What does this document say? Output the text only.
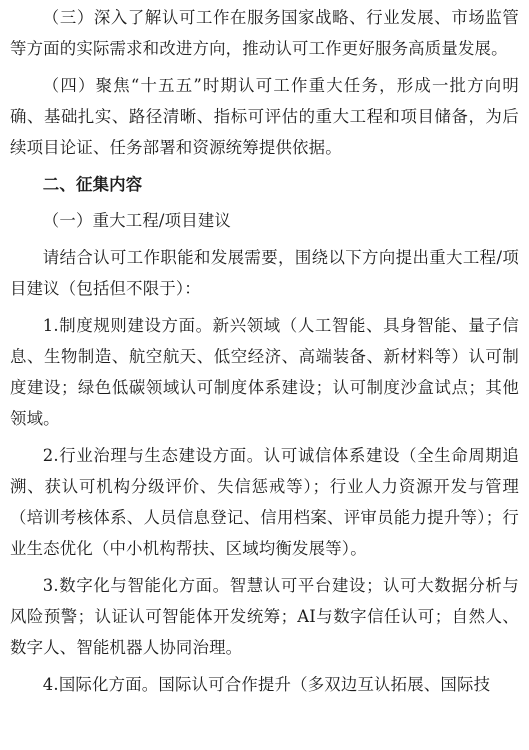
（三）深入了解认可工作在服务国家战略、行业发展、市场监管等方面的实际需求和改进方向，推动认可工作更好服务高质量发展。

（四）聚焦“十五五”时期认可工作重大任务，形成一批方向明确、基础扎实、路径清晰、指标可评估的重大工程和项目储备，为后续项目论证、任务部署和资源统筹提供依据。

二、征集内容

（一）重大工程/项目建议

请结合认可工作职能和发展需要，围绕以下方向提出重大工程/项目建议（包括但不限于）：

1.制度规则建设方面。新兴领域（人工智能、具身智能、量子信息、生物制造、航空航天、低空经济、高端装备、新材料等）认可制度建设；绿色低碳领域认可制度体系建设；认可制度沙盒试点；其他领域。

2.行业治理与生态建设方面。认可诚信体系建设（全生命周期追溯、获认可机构分级评价、失信惩戒等）；行业人力资源开发与管理（培训考核体系、人员信息登记、信用档案、评审员能力提升等）；行业生态优化（中小机构帮扶、区域均衡发展等）。

3.数字化与智能化方面。智慧认可平台建设；认可大数据分析与风险预警；认证认可智能体开发统筹；AI与数字信任认可；自然人、数字人、智能机器人协同治理。

4.国际化方面。国际认可合作提升（多双边互认拓展、国际技
